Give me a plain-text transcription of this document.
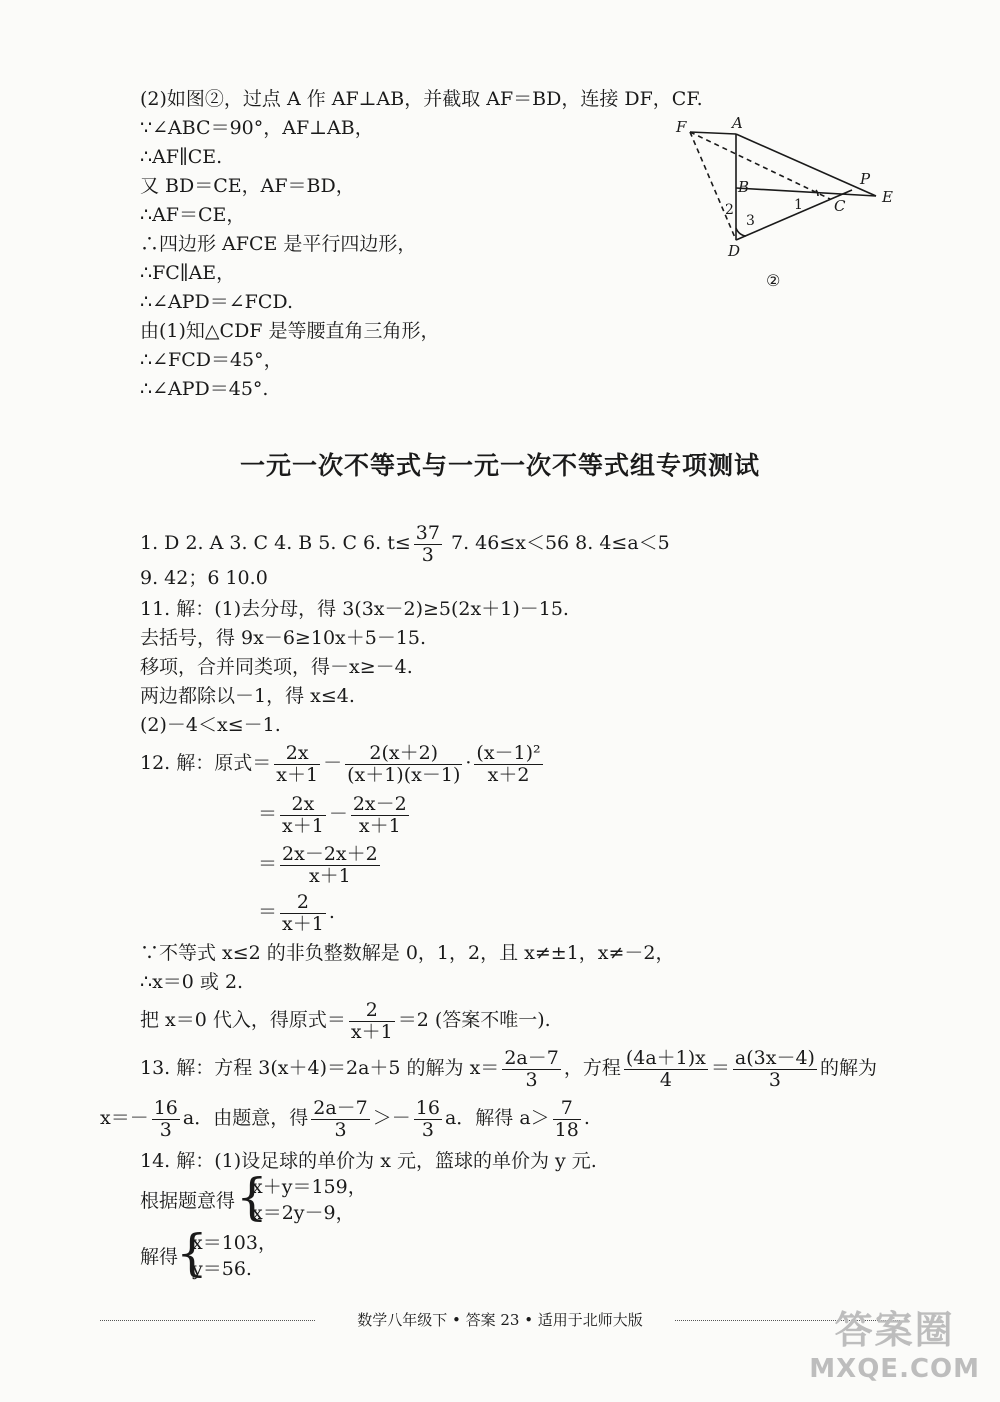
(2)如图②，过点 A 作 AF⊥AB，并截取 AF＝BD，连接 DF，CF.
∵∠ABC＝90°，AF⊥AB，
∴AF∥CE.
又 BD＝CE，AF＝BD，
∴AF＝CE，
∴四边形 AFCE 是平行四边形，
∴FC∥AE，
∴∠APD＝∠FCD.
由(1)知△CDF 是等腰直角三角形，
∴∠FCD＝45°，
∴∠APD＝45°.
F	A
P
E
B
C
D
1
2
3
②
一元一次不等式与一元一次不等式组专项测试
1. D 2. A 3. C 4. B 5. C 6. $t\le \frac{37}{3} 7$. 46≤x＜56 8. 4≤a＜5
9. 42；6 10.0
11. 解：(1)去分母，得 3(3x－2)≥5(2x＋1)－15.
去括号，得 9x－6≥10x＋5－15.
移项，合并同类项，得－x≥－4.
两边都除以－1，得 x≤4.
(2)－4＜x≤－1.
12. 解：原式＝ $\frac{2x}{x+1} - \frac{2(x+2)}{(x+1)(x-1)} \cdot \frac{\text{(x－1)²}}{x+2}$
＝ $\frac{2x}{x+1} - \frac{2x-2}{x+1}$
＝ $\frac{2x-2x+2}{x+1}$
＝ $\frac{2}{x+1}$ .
∵不等式 x≤2 的非负整数解是 0，1，2，且 x≠±1，x≠－2，
∴x＝0 或 2.
把 x＝0 代入，得原式＝ $\frac{2}{x+1} =2$ (答案不唯一).
13. 解：方程 3(x＋4)＝2a＋5 的解为 $x= \frac{2a-7}{3}$ ，方程 $\frac{(4a+1)x}{4} = \frac{a(3x-4)}{3}$ 的解为
$x=- \frac{16}{3}$ a．由题意，得 $\frac{2a-7}{3} >- \frac{16}{3}$ a．解得 $a> \frac{7}{18}$ .
14. 解：(1)设足球的单价为 x 元，篮球的单价为 y 元.
根据题意得 {
x＋y＝159，
x＝2y－9，
解得
{
x＝103，
y＝56.
数学八年级下 • 答案 23 • 适用于北师大版	答案圈
MXQE.COM
